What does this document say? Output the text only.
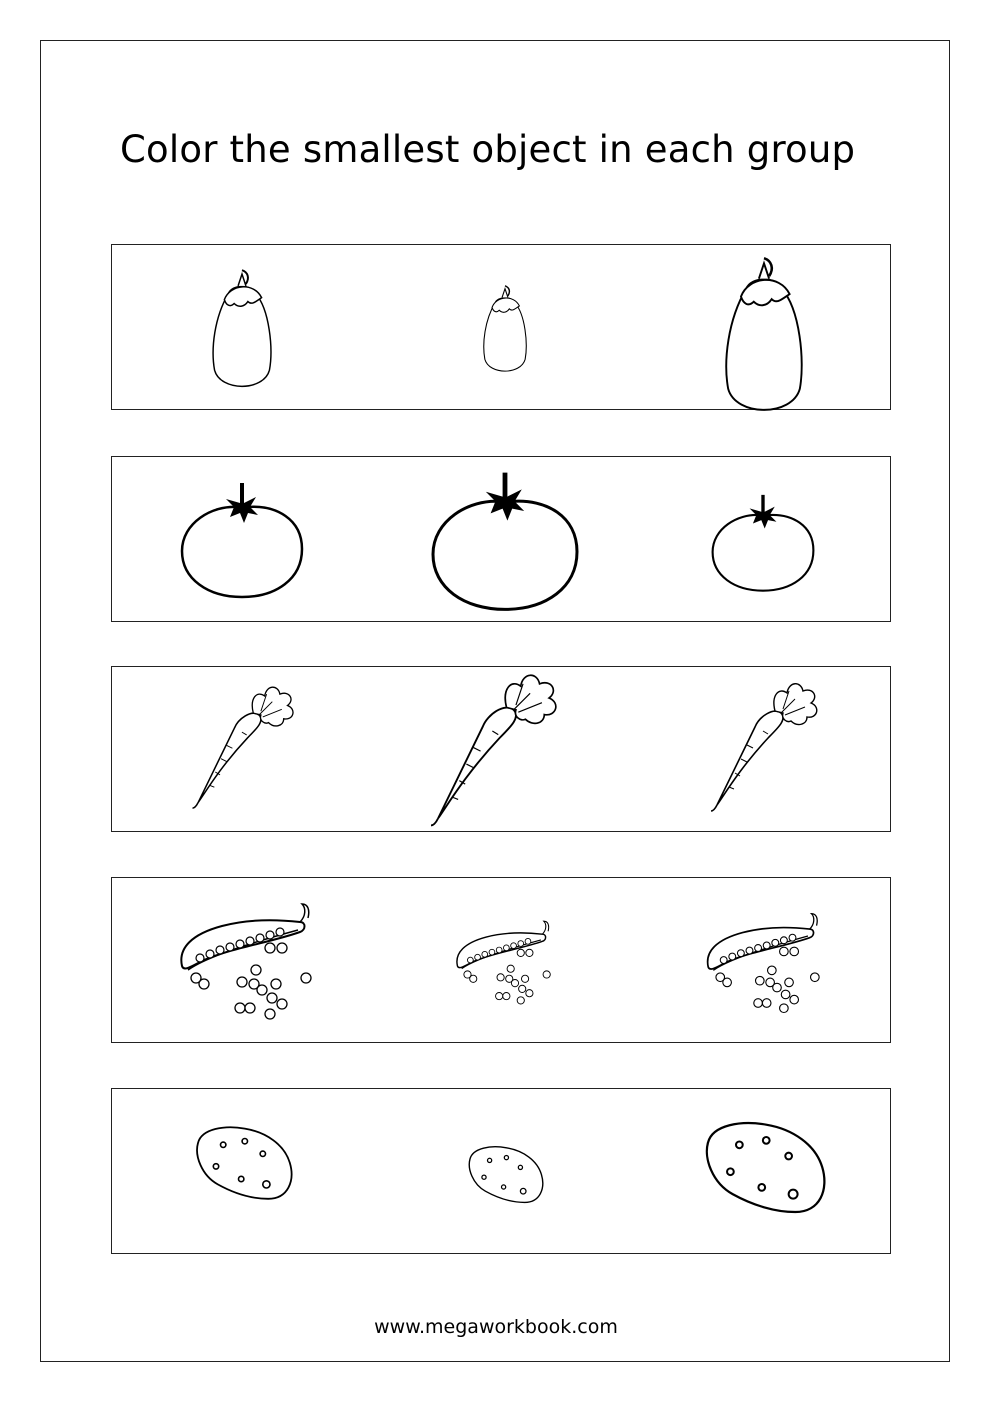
Color the smallest object in each group
www.megaworkbook.com
